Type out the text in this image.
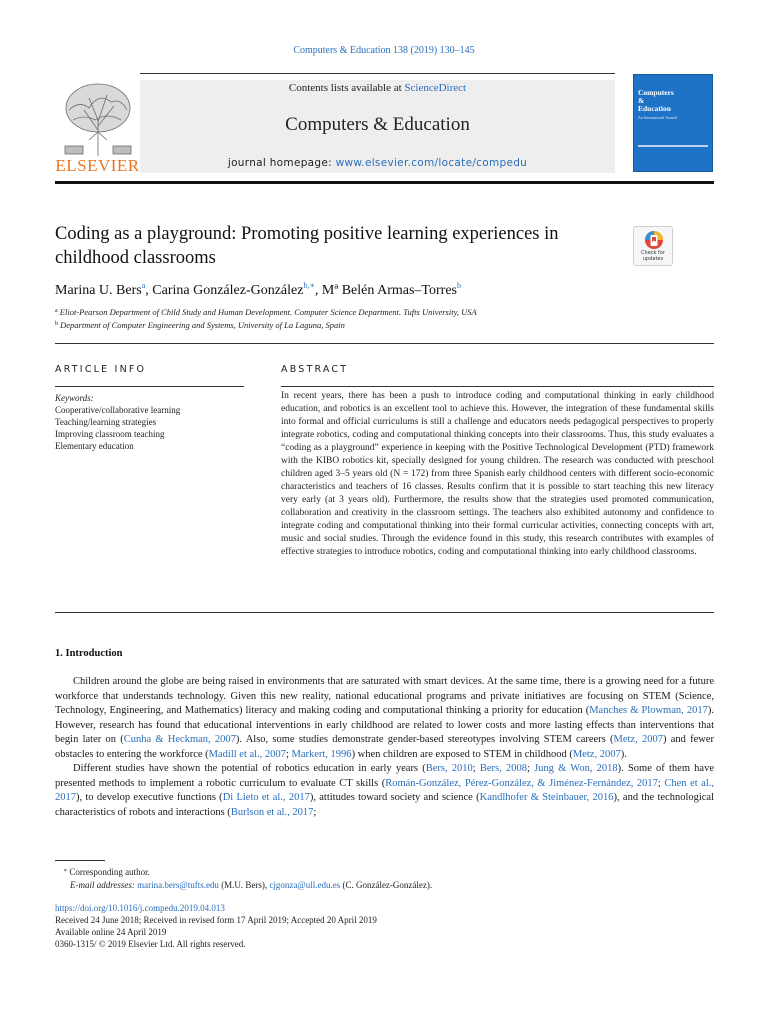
Computers & Education 138 (2019) 130–145
ELSEVIER
Contents lists available at ScienceDirect
Computers & Education
journal homepage: www.elsevier.com/locate/compedu
Computers
&
Education
An International Journal
Coding as a playground: Promoting positive learning experiences in
childhood classrooms	Check for
updates
Marina U. Bers$^a$, Carina González-González$^{b,∗}$, Mª Belén Armas–Torres$^b$
$^a$ Eliot-Pearson Department of Child Study and Human Development. Computer Science Department. Tufts University, USA
$^b$ Department of Computer Engineering and Systems, University of La Laguna, Spain
ARTICLE INFO	ABSTRACT
Keywords:
Cooperative/collaborative learning
Teaching/learning strategies
Improving classroom teaching
Elementary education
In recent years, there has been a push to introduce coding and computational thinking in early childhood education, and robotics is an excellent tool to achieve this. However, the integration of these fundamental skills into formal and official curriculums is still a challenge and educators needs pedagogical perspectives to properly integrate robotics, coding and computational thinking concepts into their classrooms. Thus, this study evaluates a “coding as a playground” experience in keeping with the Positive Technological Development (PTD) framework with the KIBO robotics kit, specially designed for young children. The research was conducted with preschool children aged 3–5 years old (N = 172) from three Spanish early childhood centers with different socio-economic characteristics and teachers of 16 classes. Results confirm that it is possible to start teaching this new literacy very early (at 3 years old). Furthermore, the results show that the strategies used promoted communication, collaboration and creativity in the classroom settings. The teachers also exhibited autonomy and confidence to integrate coding and computational thinking into their formal curricular activities, connecting concepts with art, music and social studies. Through the evidence found in this study, this research contributes with examples of effective strategies to introduce robotics, coding and computational thinking into early childhood classrooms.
1. Introduction

Children around the globe are being raised in environments that are saturated with smart devices. At the same time, there is a growing need for a future workforce that understands technology. Given this new reality, national educational programs and private initiatives are focusing on STEM (Science, Technology, Engineering, and Mathematics) literacy and making coding and computational thinking a priority for education (Manches & Plowman, 2017). However, research has found that educational interventions in early childhood are related to lower costs and more lasting effects than interventions that begin later on (Cunha & Heckman, 2007). Also, some studies demonstrate gender-based stereotypes involving STEM careers (Metz, 2007) and fewer obstacles to entering the workforce (Madill et al., 2007; Markert, 1996) when children are exposed to STEM in childhood (Metz, 2007).

Different studies have shown the potential of robotics education in early years (Bers, 2010; Bers, 2008; Jung & Won, 2018). Some of them have presented methods to implement a robotic curriculum to evaluate CT skills (Román-González, Pérez-González, & Jiménez-Fernández, 2017; Chen et al., 2017), to develop executive functions (Di Lieto et al., 2017), attitudes toward society and science (Kandlhofer & Steinbauer, 2016), and the technological characteristics of robots and interactions (Burlson et al., 2017;

∗ Corresponding author.
E-mail addresses: marina.bers@tufts.edu (M.U. Bers), cjgonza@ull.edu.es (C. González-González).
https://doi.org/10.1016/j.compedu.2019.04.013
Received 24 June 2018; Received in revised form 17 April 2019; Accepted 20 April 2019
Available online 24 April 2019
0360-1315/ © 2019 Elsevier Ltd. All rights reserved.
